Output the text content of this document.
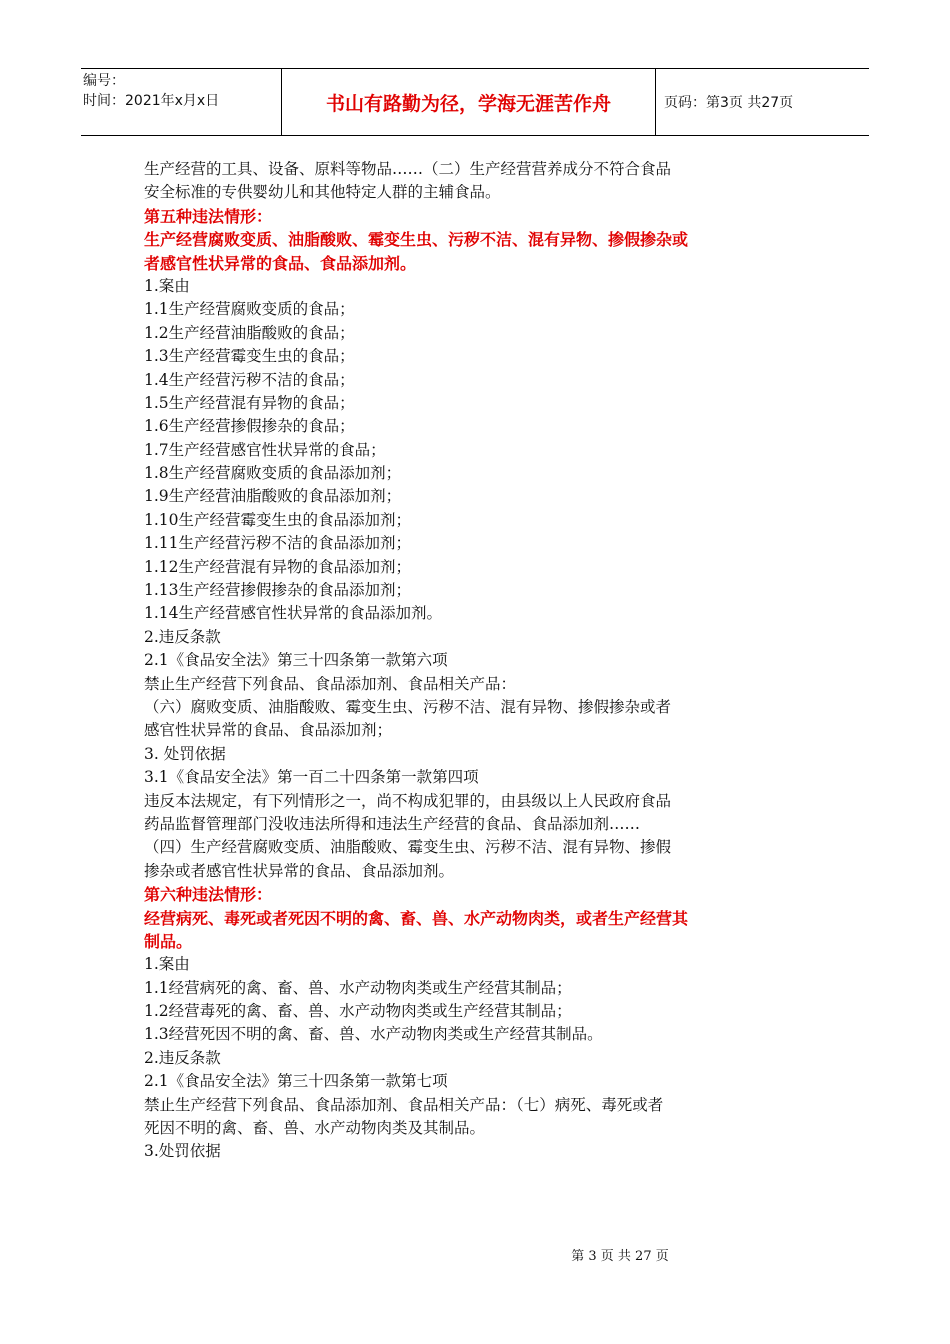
编号：
时间：2021年x月x日	书山有路勤为径，学海无涯苦作舟	页码：第3页 共27页
生产经营的工具、设备、原料等物品……（二）生产经营营养成分不符合食品
安全标准的专供婴幼儿和其他特定人群的主辅食品。
第五种违法情形：
生产经营腐败变质、油脂酸败、霉变生虫、污秽不洁、混有异物、掺假掺杂或
者感官性状异常的食品、食品添加剂。
1.案由
1.1生产经营腐败变质的食品；
1.2生产经营油脂酸败的食品；
1.3生产经营霉变生虫的食品；
1.4生产经营污秽不洁的食品；
1.5生产经营混有异物的食品；
1.6生产经营掺假掺杂的食品；
1.7生产经营感官性状异常的食品；
1.8生产经营腐败变质的食品添加剂；
1.9生产经营油脂酸败的食品添加剂；
1.10生产经营霉变生虫的食品添加剂；
1.11生产经营污秽不洁的食品添加剂；
1.12生产经营混有异物的食品添加剂；
1.13生产经营掺假掺杂的食品添加剂；
1.14生产经营感官性状异常的食品添加剂。
2.违反条款
2.1《食品安全法》第三十四条第一款第六项
禁止生产经营下列食品、食品添加剂、食品相关产品：
（六）腐败变质、油脂酸败、霉变生虫、污秽不洁、混有异物、掺假掺杂或者
感官性状异常的食品、食品添加剂；
3. 处罚依据
3.1《食品安全法》第一百二十四条第一款第四项
违反本法规定，有下列情形之一，尚不构成犯罪的，由县级以上人民政府食品
药品监督管理部门没收违法所得和违法生产经营的食品、食品添加剂……
（四）生产经营腐败变质、油脂酸败、霉变生虫、污秽不洁、混有异物、掺假
掺杂或者感官性状异常的食品、食品添加剂。
第六种违法情形：
经营病死、毒死或者死因不明的禽、畜、兽、水产动物肉类，或者生产经营其
制品。
1.案由
1.1经营病死的禽、畜、兽、水产动物肉类或生产经营其制品；
1.2经营毒死的禽、畜、兽、水产动物肉类或生产经营其制品；
1.3经营死因不明的禽、畜、兽、水产动物肉类或生产经营其制品。
2.违反条款
2.1《食品安全法》第三十四条第一款第七项
禁止生产经营下列食品、食品添加剂、食品相关产品：（七）病死、毒死或者
死因不明的禽、畜、兽、水产动物肉类及其制品。
3.处罚依据
第 3 页 共 27 页
